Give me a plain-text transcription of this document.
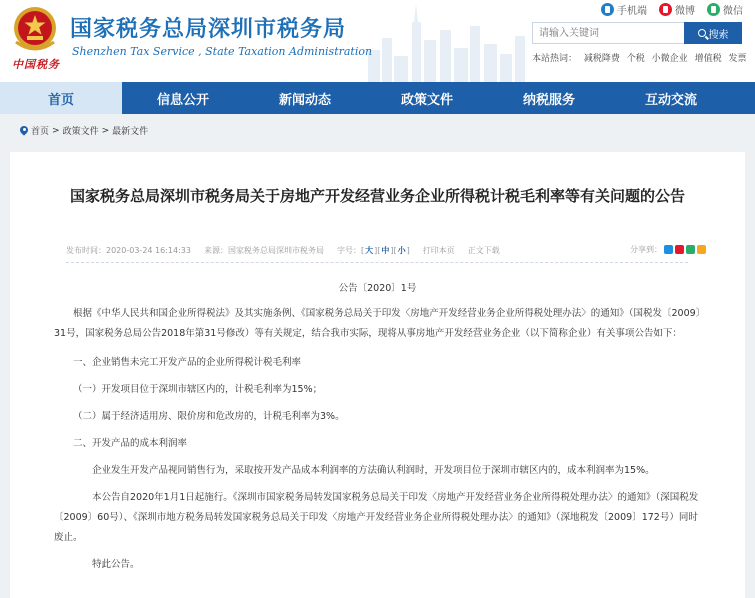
中国税务
国家税务总局深圳市税务局
Shenzhen Tax Service , State Taxation Administration
手机端	微博	微信
请输入关键词
搜索
本站热词： 减税降费 个税 小微企业 增值税 发票
首页	信息公开	新闻动态	政策文件	纳税服务	互动交流
首页 > 政策文件 > 最新文件
国家税务总局深圳市税务局关于房地产开发经营业务企业所得税计税毛利率等有关问题的公告
发布时间： 2020-03-24 16:14:33 来源： 国家税务总局深圳市税务局 字号： [ 大 ] [ 中 ] [ 小 ] 打印本页 正文下载	分享到：
公告〔2020〕1号

根据《中华人民共和国企业所得税法》及其实施条例、《国家税务总局关于印发〈房地产开发经营业务企业所得税处理办法〉的通知》（国税发〔2009〕31号，国家税务总局公告2018年第31号修改）等有关规定，结合我市实际，现将从事房地产开发经营业务企业（以下简称企业）有关事项公告如下：

一、企业销售未完工开发产品的企业所得税计税毛利率

（一）开发项目位于深圳市辖区内的，计税毛利率为15%；

（二）属于经济适用房、限价房和危改房的，计税毛利率为3%。

二、开发产品的成本利润率

企业发生开发产品视同销售行为，采取按开发产品成本利润率的方法确认利润时，开发项目位于深圳市辖区内的，成本利润率为15%。

本公告自2020年1月1日起施行。《深圳市国家税务局转发国家税务总局关于印发〈房地产开发经营业务企业所得税处理办法〉的通知》（深国税发〔2009〕60号）、《深圳市地方税务局转发国家税务总局关于印发〈房地产开发经营业务企业所得税处理办法〉的通知》（深地税发〔2009〕172号）同时废止。

特此公告。
